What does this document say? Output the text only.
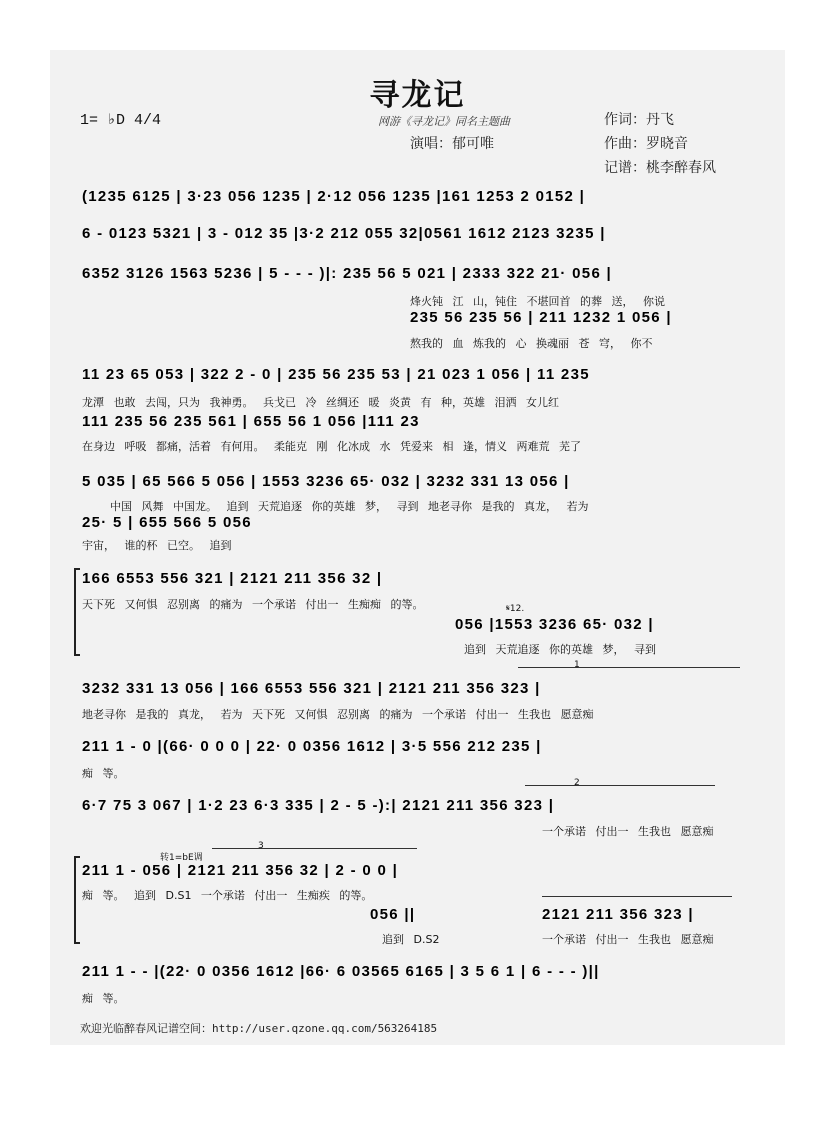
寻龙记
1= ♭D 4/4	网游《寻龙记》同名主题曲
演唱：郁可唯
作词：丹飞
作曲：罗晓音
记谱：桃李醉春风
(1235 6125 | 3·23 056 1235 | 2·12 056 1235 |161 1253 2 0152 |
6 - 0123 5321 | 3 - 012 35 |3·2 212 055 32|0561 1612 2123 3235 |
6352 3126 1563 5236 | 5 - - - )|: 235 56 5 021 | 2333 322 21· 056 |
烽火钝 江 山，钝住 不堪回首 的葬 送， 你说
235 56 235 56 | 211 1232 1 056 |
熬我的 血 炼我的 心 换魂丽 苍 穹， 你不
11 23 65 053 | 322 2 - 0 | 235 56 235 53 | 21 023 1 056 | 11 235
龙潭 也敢 去闯，只为 我神勇。 兵戈已 冷 丝绸还 暖 炎黄 有 种，英雄 泪洒 女儿红
111 235 56 235 561 | 655 56 1 056 |111 23
在身边 呼吸 都痛，活着 有何用。 柔能克 刚 化冰成 水 凭爱来 相 逢，情义 两难荒 芜了
5 035 | 65 566 5 056 | 1553 3236 65· 032 | 3232 331 13 056 |
中国 风舞 中国龙。 追到 天荒追逐 你的英雄 梦， 寻到 地老寻你 是我的 真龙， 若为
25· 5 | 655 566 5 056
宇宙， 谁的杯 已空。 追到
166 6553 556 321 | 2121 211 356 32 |
天下死 又何惧 忍别离 的痛为 一个承诺 付出一 生痴痴 的等。	𝄋12.
056 |1553 3236 65· 032 |
追到 天荒追逐 你的英雄 梦， 寻到
1
3232 331 13 056 | 166 6553 556 321 | 2121 211 356 323 |
地老寻你 是我的 真龙， 若为 天下死 又何惧 忍别离 的痛为 一个承诺 付出一 生我也 愿意痴
211 1 - 0 |(66· 0 0 0 | 22· 0 0356 1612 | 3·5 556 212 235 |
痴 等。
2
6·7 75 3 067 | 1·2 23 6·3 335 | 2 - 5 -):| 2121 211 356 323 |
一个承诺 付出一 生我也 愿意痴
转1=bE调
3
211 1 - 056 | 2121 211 356 32 | 2 - 0 0 |
痴 等。 追到 D.S1 一个承诺 付出一 生痴疾 的等。
056 ||
追到 D.S2
2121 211 356 323 |
一个承诺 付出一 生我也 愿意痴
211 1 - - |(22· 0 0356 1612 |66· 6 03565 6165 | 3 5 6 1 | 6 - - - )||
痴 等。
欢迎光临醉春风记谱空间：http://user.qzone.qq.com/563264185
